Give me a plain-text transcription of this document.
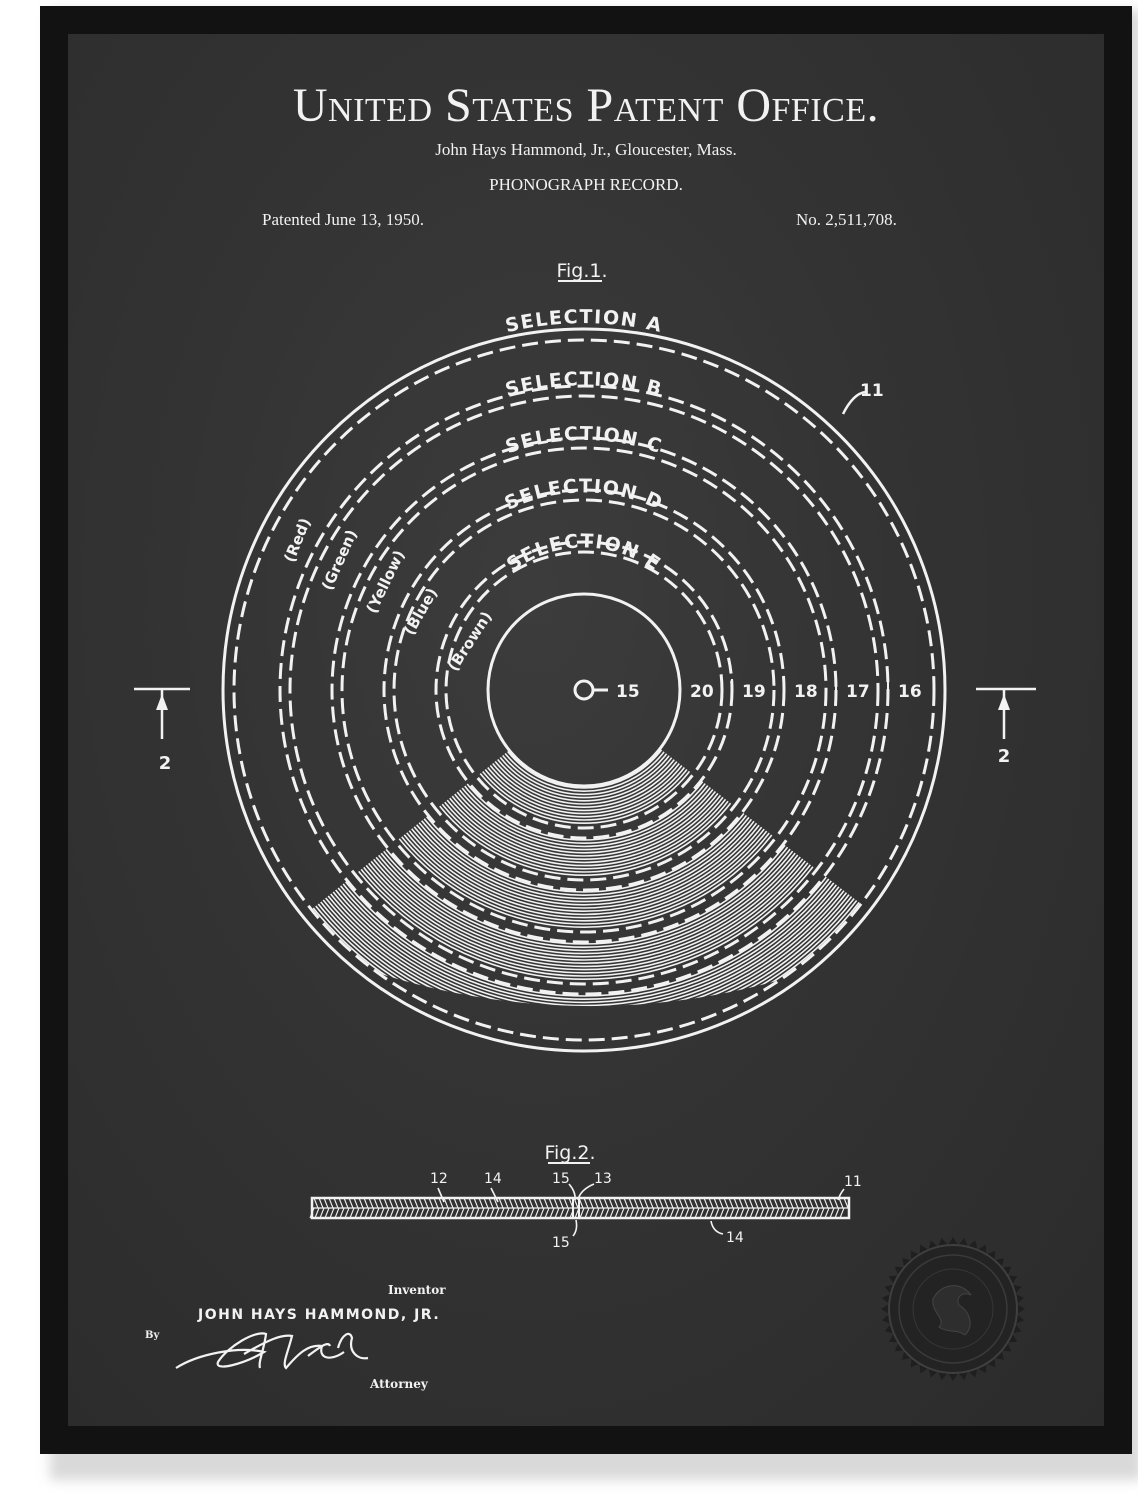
United States Patent Office.
John Hays Hammond, Jr., Gloucester, Mass.
PHONOGRAPH RECORD.
Patented June 13, 1950.	No. 2,511,708.
Fig.1.
SELECTION A
SELECTION B
SELECTION C
SELECTION D
SELECTION E
(Red) (Green) (Yellow)
(Blue) (Brown)
15
11
20 19 18 17 16
2	2
Fig.2.
12	14	15 13	11
15	14
Inventor
JOHN HAYS HAMMOND, JR.
By
Attorney
